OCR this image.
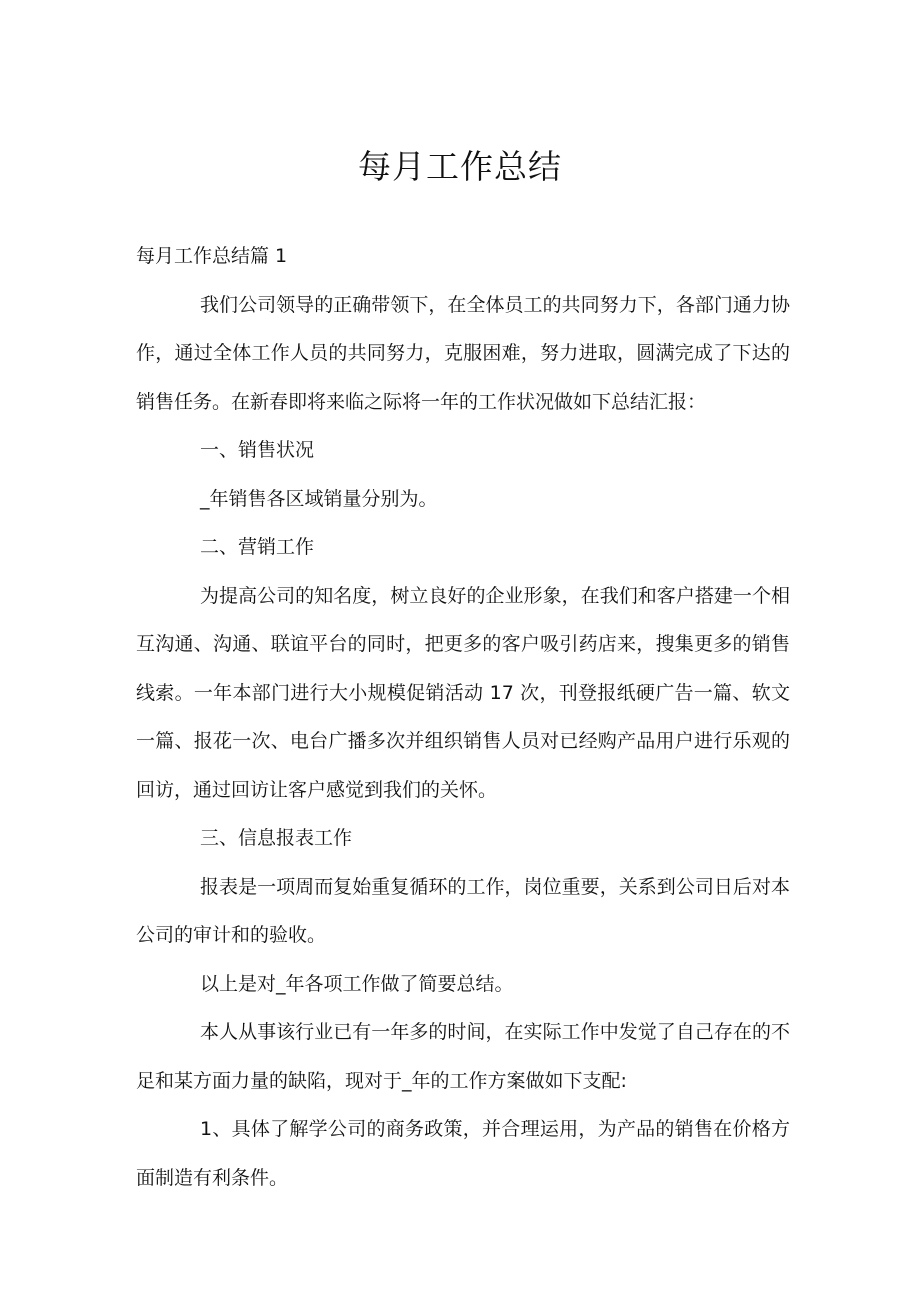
每月工作总结

每月工作总结篇 1

我们公司领导的正确带领下，在全体员工的共同努力下，各部门通力协作，通过全体工作人员的共同努力，克服困难，努力进取，圆满完成了下达的销售任务。在新春即将来临之际将一年的工作状况做如下总结汇报：

一、销售状况

_年销售各区域销量分别为。

二、营销工作

为提高公司的知名度，树立良好的企业形象，在我们和客户搭建一个相互沟通、沟通、联谊平台的同时，把更多的客户吸引药店来，搜集更多的销售线索。一年本部门进行大小规模促销活动 17 次，刊登报纸硬广告一篇、软文一篇、报花一次、电台广播多次并组织销售人员对已经购产品用户进行乐观的回访，通过回访让客户感觉到我们的关怀。

三、信息报表工作

报表是一项周而复始重复循环的工作，岗位重要，关系到公司日后对本公司的审计和的验收。

以上是对_年各项工作做了简要总结。

本人从事该行业已有一年多的时间，在实际工作中发觉了自己存在的不足和某方面力量的缺陷，现对于_年的工作方案做如下支配:

1、具体了解学公司的商务政策，并合理运用，为产品的销售在价格方面制造有利条件。
